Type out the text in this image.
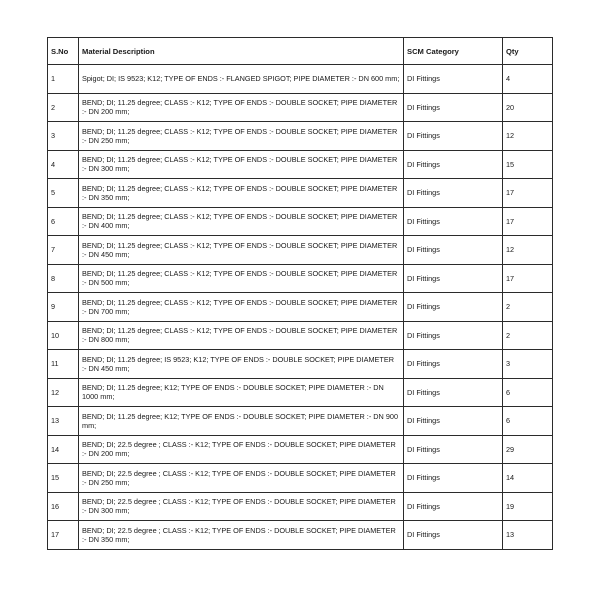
S.No	Material Description	SCM Category	Qty
1	Spigot; DI; IS 9523; K12; TYPE OF ENDS :- FLANGED SPIGOT; PIPE DIAMETER :- DN 600 mm;	DI Fittings	4
2	BEND; DI; 11.25 degree; CLASS :- K12; TYPE OF ENDS :- DOUBLE SOCKET; PIPE DIAMETER :- DN 200 mm;	DI Fittings	20
3	BEND; DI; 11.25 degree; CLASS :- K12; TYPE OF ENDS :- DOUBLE SOCKET; PIPE DIAMETER :- DN 250 mm;	DI Fittings	12
4	BEND; DI; 11.25 degree; CLASS :- K12; TYPE OF ENDS :- DOUBLE SOCKET; PIPE DIAMETER :- DN 300 mm;	DI Fittings	15
5	BEND; DI; 11.25 degree; CLASS :- K12; TYPE OF ENDS :- DOUBLE SOCKET; PIPE DIAMETER :- DN 350 mm;	DI Fittings	17
6	BEND; DI; 11.25 degree; CLASS :- K12; TYPE OF ENDS :- DOUBLE SOCKET; PIPE DIAMETER :- DN 400 mm;	DI Fittings	17
7	BEND; DI; 11.25 degree; CLASS :- K12; TYPE OF ENDS :- DOUBLE SOCKET; PIPE DIAMETER :- DN 450 mm;	DI Fittings	12
8	BEND; DI; 11.25 degree; CLASS :- K12; TYPE OF ENDS :- DOUBLE SOCKET; PIPE DIAMETER :- DN 500 mm;	DI Fittings	17
9	BEND; DI; 11.25 degree; CLASS :- K12; TYPE OF ENDS :- DOUBLE SOCKET; PIPE DIAMETER :- DN 700 mm;	DI Fittings	2
10	BEND; DI; 11.25 degree; CLASS :- K12; TYPE OF ENDS :- DOUBLE SOCKET; PIPE DIAMETER :- DN 800 mm;	DI Fittings	2
11	BEND; DI; 11.25 degree; IS 9523; K12; TYPE OF ENDS :- DOUBLE SOCKET; PIPE DIAMETER :- DN 450 mm;	DI Fittings	3
12	BEND; DI; 11.25 degree; K12; TYPE OF ENDS :- DOUBLE SOCKET; PIPE DIAMETER :- DN 1000 mm;	DI Fittings	6
13	BEND; DI; 11.25 degree; K12; TYPE OF ENDS :- DOUBLE SOCKET; PIPE DIAMETER :- DN 900 mm;	DI Fittings	6
14	BEND; DI; 22.5 degree ; CLASS :- K12; TYPE OF ENDS :- DOUBLE SOCKET; PIPE DIAMETER :- DN 200 mm;	DI Fittings	29
15	BEND; DI; 22.5 degree ; CLASS :- K12; TYPE OF ENDS :- DOUBLE SOCKET; PIPE DIAMETER :- DN 250 mm;	DI Fittings	14
16	BEND; DI; 22.5 degree ; CLASS :- K12; TYPE OF ENDS :- DOUBLE SOCKET; PIPE DIAMETER :- DN 300 mm;	DI Fittings	19
17	BEND; DI; 22.5 degree ; CLASS :- K12; TYPE OF ENDS :- DOUBLE SOCKET; PIPE DIAMETER :- DN 350 mm;	DI Fittings	13
